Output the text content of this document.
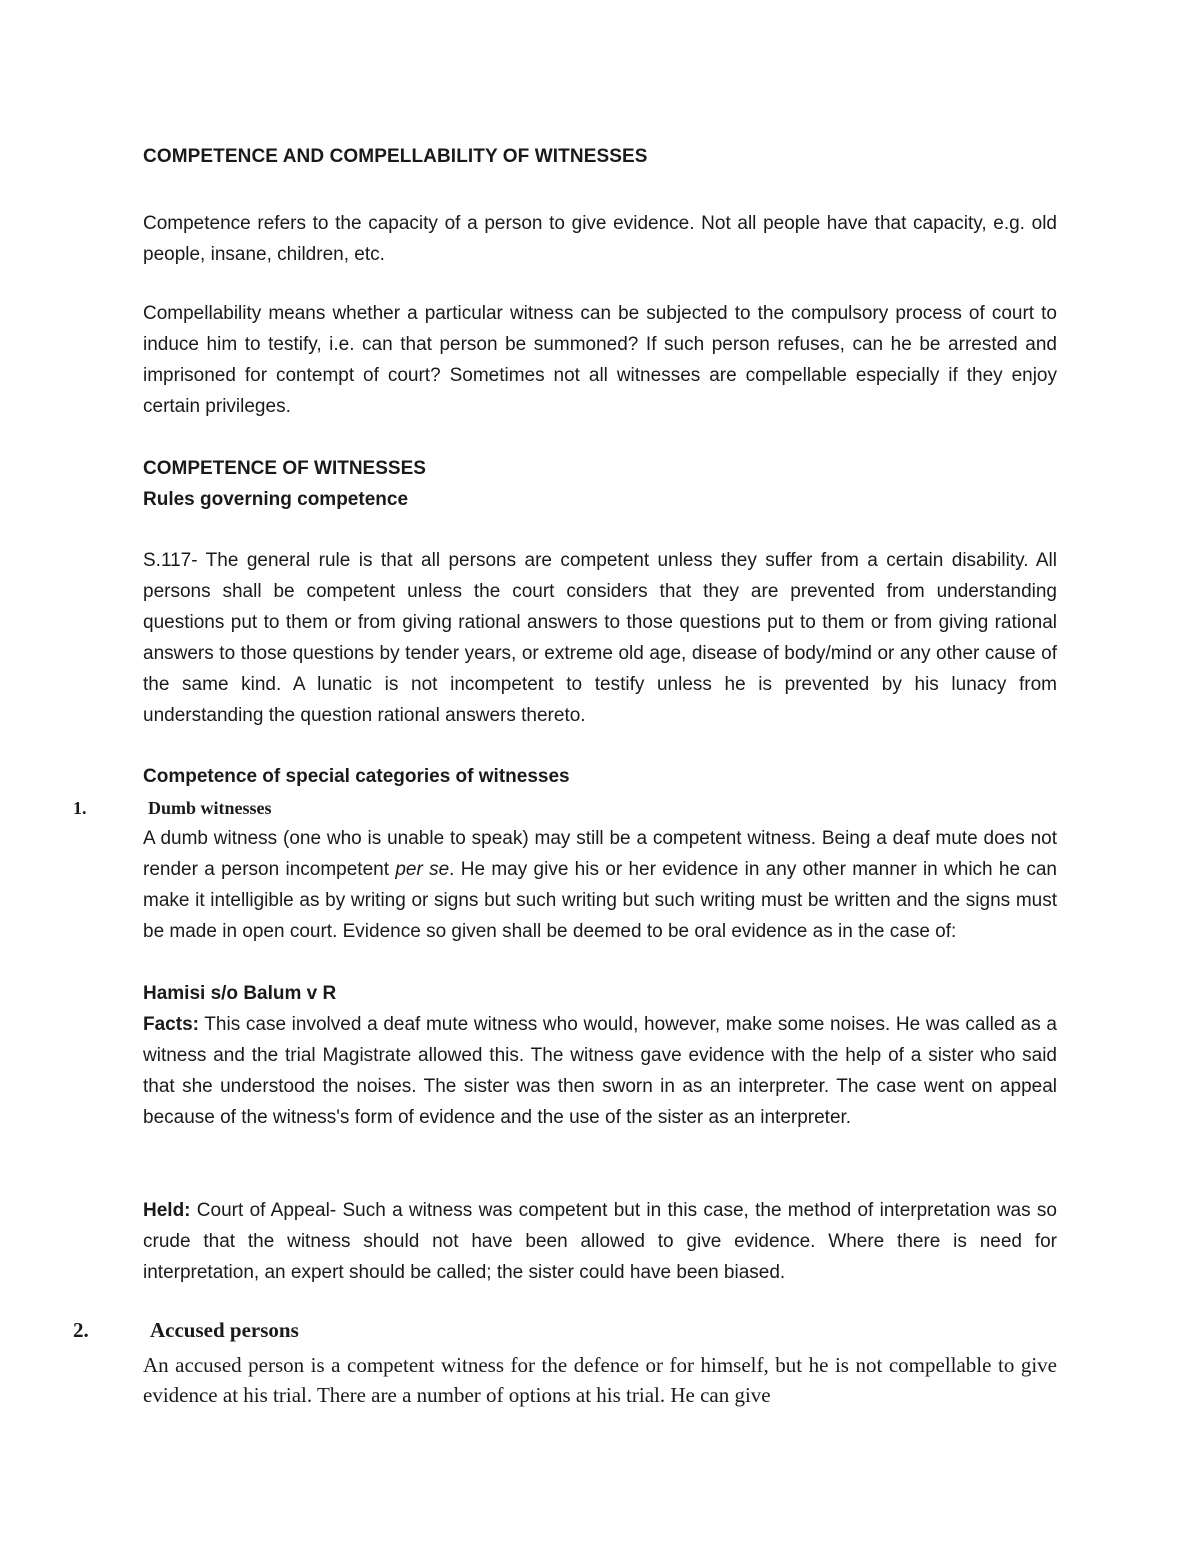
COMPETENCE AND COMPELLABILITY OF WITNESSES
Competence refers to the capacity of a person to give evidence. Not all people have that capacity, e.g. old people, insane, children, etc.
Compellability means whether a particular witness can be subjected to the compulsory process of court to induce him to testify, i.e. can that person be summoned? If such person refuses, can he be arrested and imprisoned for contempt of court? Sometimes not all witnesses are compellable especially if they enjoy certain privileges.
COMPETENCE OF WITNESSES
Rules governing competence
S.117- The general rule is that all persons are competent unless they suffer from a certain disability. All persons shall be competent unless the court considers that they are prevented from understanding questions put to them or from giving rational answers to those questions put to them or from giving rational answers to those questions by tender years, or extreme old age, disease of body/mind or any other cause of the same kind. A lunatic is not incompetent to testify unless he is prevented by his lunacy from understanding the question rational answers thereto.
Competence of special categories of witnesses
1.	Dumb witnesses
A dumb witness (one who is unable to speak) may still be a competent witness. Being a deaf mute does not render a person incompetent per se. He may give his or her evidence in any other manner in which he can make it intelligible as by writing or signs but such writing but such writing must be written and the signs must be made in open court. Evidence so given shall be deemed to be oral evidence as in the case of:
Hamisi s/o Balum v R
Facts: This case involved a deaf mute witness who would, however, make some noises. He was called as a witness and the trial Magistrate allowed this. The witness gave evidence with the help of a sister who said that she understood the noises. The sister was then sworn in as an interpreter. The case went on appeal because of the witness's form of evidence and the use of the sister as an interpreter.
Held: Court of Appeal- Such a witness was competent but in this case, the method of interpretation was so crude that the witness should not have been allowed to give evidence. Where there is need for interpretation, an expert should be called; the sister could have been biased.
2.	Accused persons
An accused person is a competent witness for the defence or for himself, but he is not compellable to give evidence at his trial. There are a number of options at his trial. He can give
